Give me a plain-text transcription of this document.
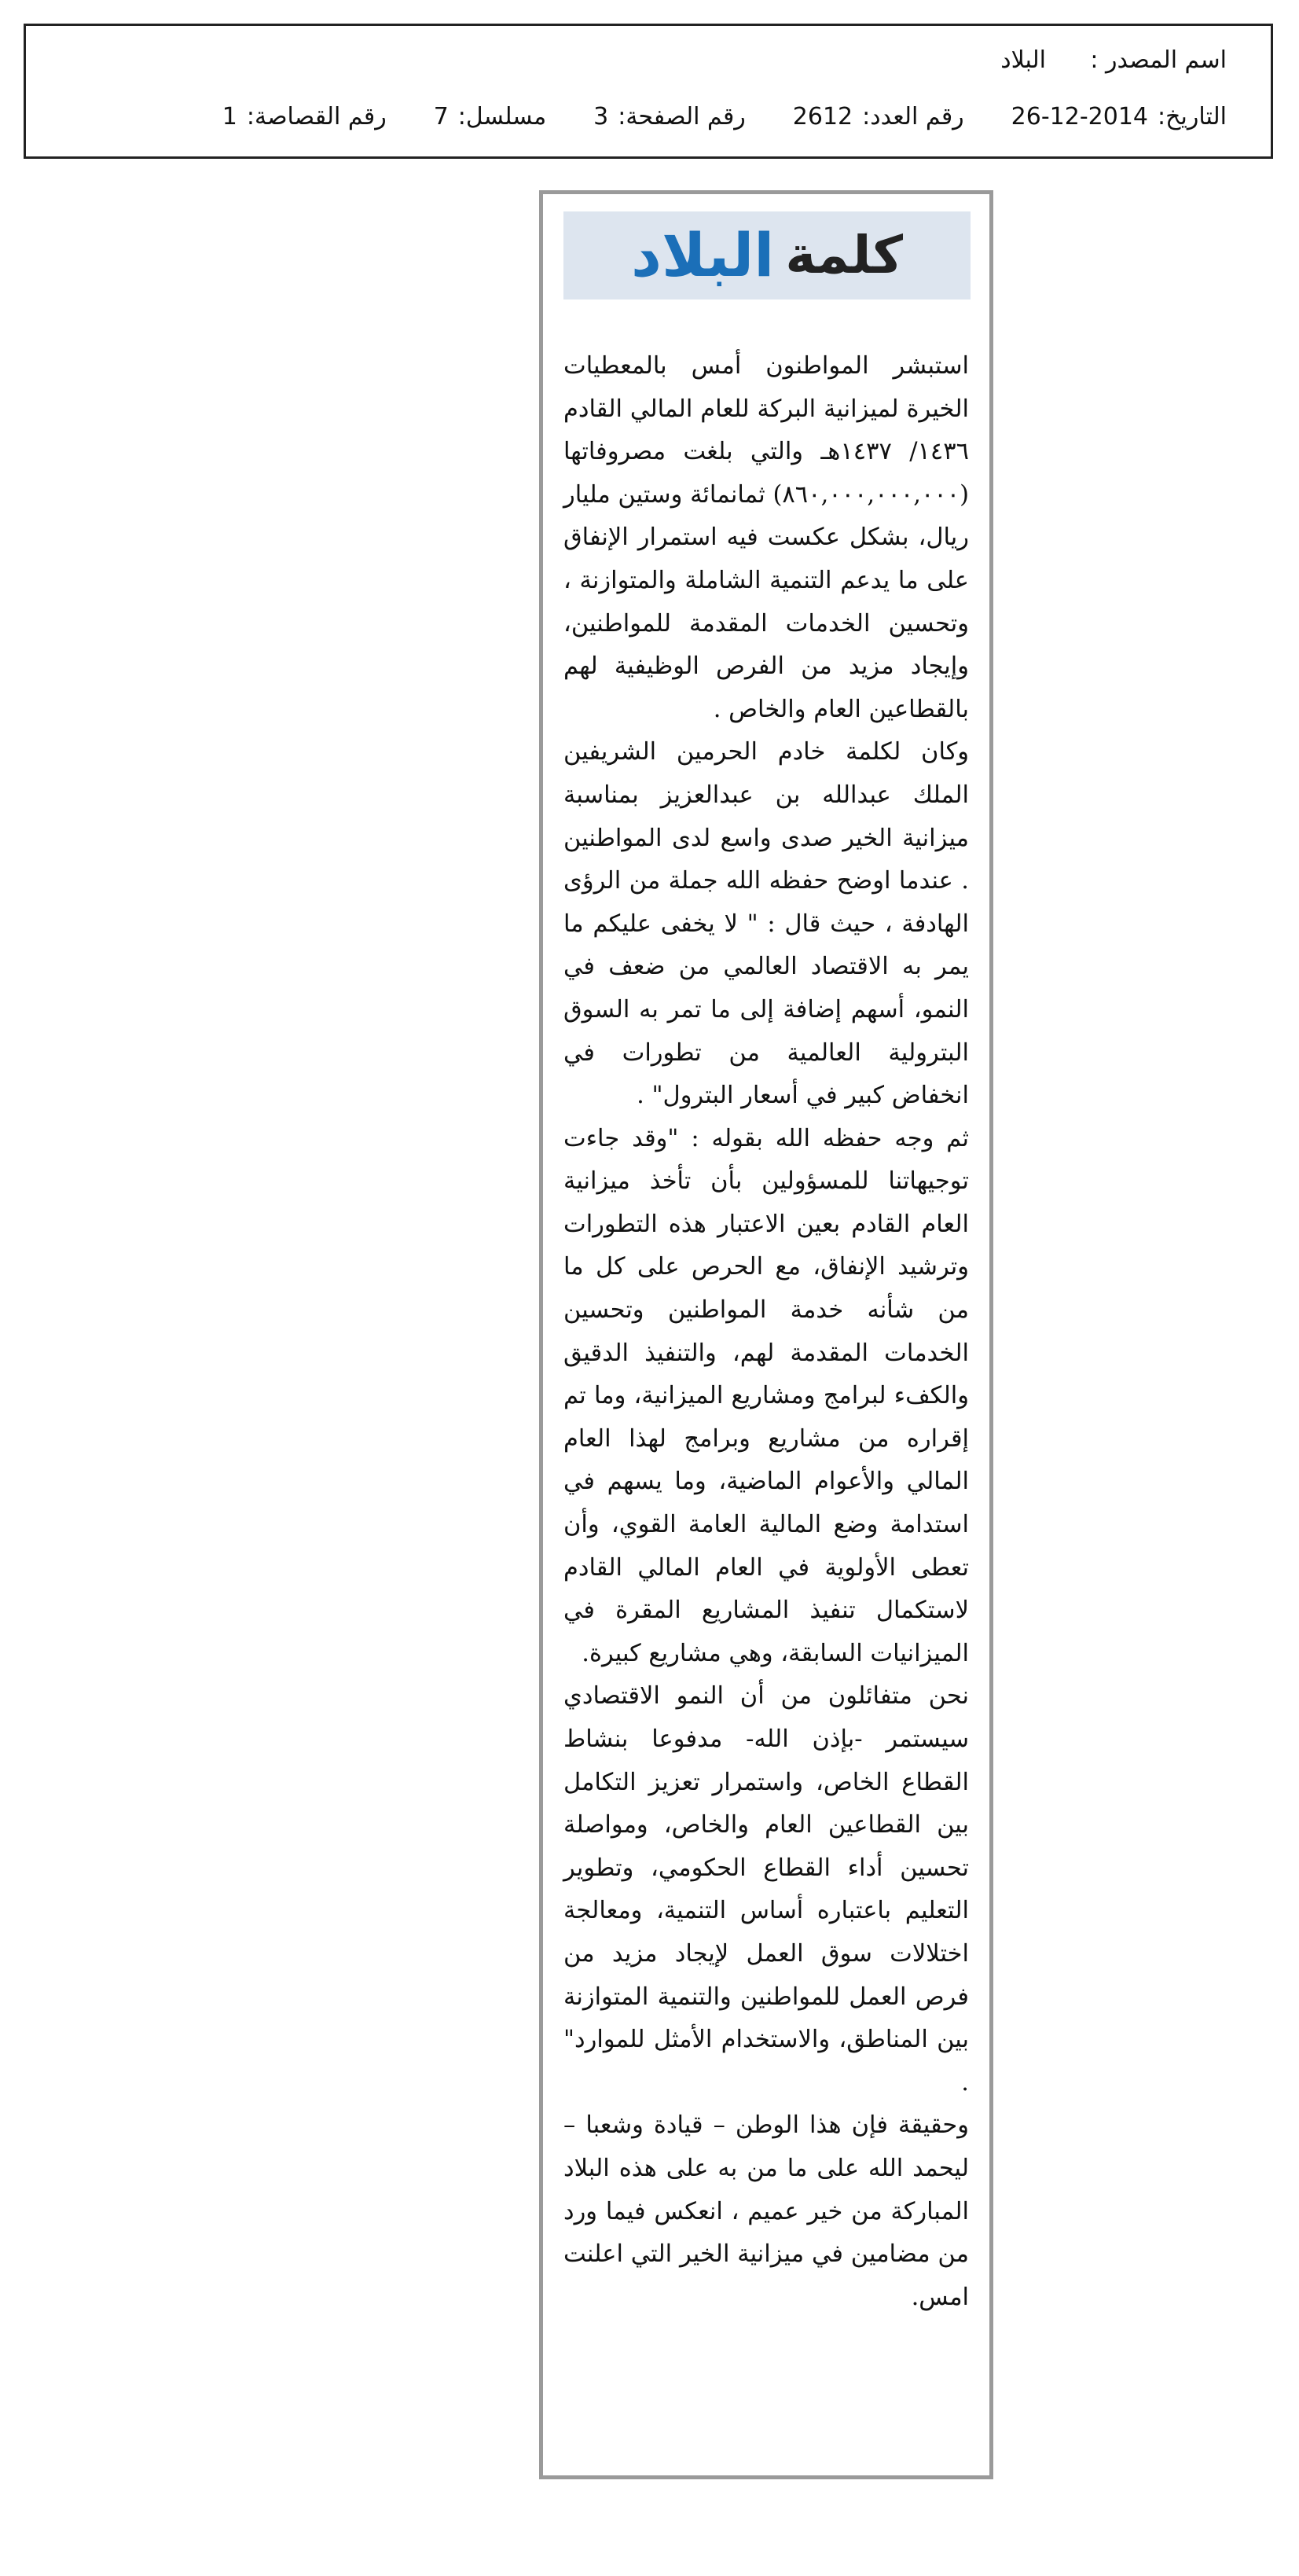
اسم المصدر :
البلاد
التاريخ:
26-12-2014
رقم العدد:
2612
رقم الصفحة:
3
مسلسل:
7
رقم القصاصة:
1
كلمة
البلاد

استبشر المواطنون أمس بالمعطيات الخيرة لميزانية البركة للعام المالي القادم ١٤٣٦/ ١٤٣٧هـ والتي بلغت مصروفاتها (٨٦٠,٠٠٠,٠٠٠,٠٠٠) ثمانمائة وستين مليار ريال، بشكل عكست فيه استمرار الإنفاق على ما يدعم التنمية الشاملة والمتوازنة ، وتحسين الخدمات المقدمة للمواطنين، وإيجاد مزيد من الفرص الوظيفية لهم بالقطاعين العام والخاص .

وكان لكلمة خادم الحرمين الشريفين الملك عبدالله بن عبدالعزيز بمناسبة ميزانية الخير صدى واسع لدى المواطنين . عندما اوضح حفظه الله جملة من الرؤى الهادفة ، حيث قال : " لا يخفى عليكم ما يمر به الاقتصاد العالمي من ضعف في النمو، أسهم إضافة إلى ما تمر به السوق البترولية العالمية من تطورات في انخفاض كبير في أسعار البترول" .

ثم وجه حفظه الله بقوله : "وقد جاءت توجيهاتنا للمسؤولين بأن تأخذ ميزانية العام القادم بعين الاعتبار هذه التطورات وترشيد الإنفاق، مع الحرص على كل ما من شأنه خدمة المواطنين وتحسين الخدمات المقدمة لهم، والتنفيذ الدقيق والكفء لبرامج ومشاريع الميزانية، وما تم إقراره من مشاريع وبرامج لهذا العام المالي والأعوام الماضية، وما يسهم في استدامة وضع المالية العامة القوي، وأن تعطى الأولوية في العام المالي القادم لاستكمال تنفيذ المشاريع المقرة في الميزانيات السابقة، وهي مشاريع كبيرة.

نحن متفائلون من أن النمو الاقتصادي سيستمر -بإذن الله- مدفوعا بنشاط القطاع الخاص، واستمرار تعزيز التكامل بين القطاعين العام والخاص، ومواصلة تحسين أداء القطاع الحكومي، وتطوير التعليم باعتباره أساس التنمية، ومعالجة اختلالات سوق العمل لإيجاد مزيد من فرص العمل للمواطنين والتنمية المتوازنة بين المناطق، والاستخدام الأمثل للموارد" .

وحقيقة فإن هذا الوطن – قيادة وشعبا – ليحمد الله على ما من به على هذه البلاد المباركة من خير عميم ، انعكس فيما ورد من مضامين في ميزانية الخير التي اعلنت امس.
